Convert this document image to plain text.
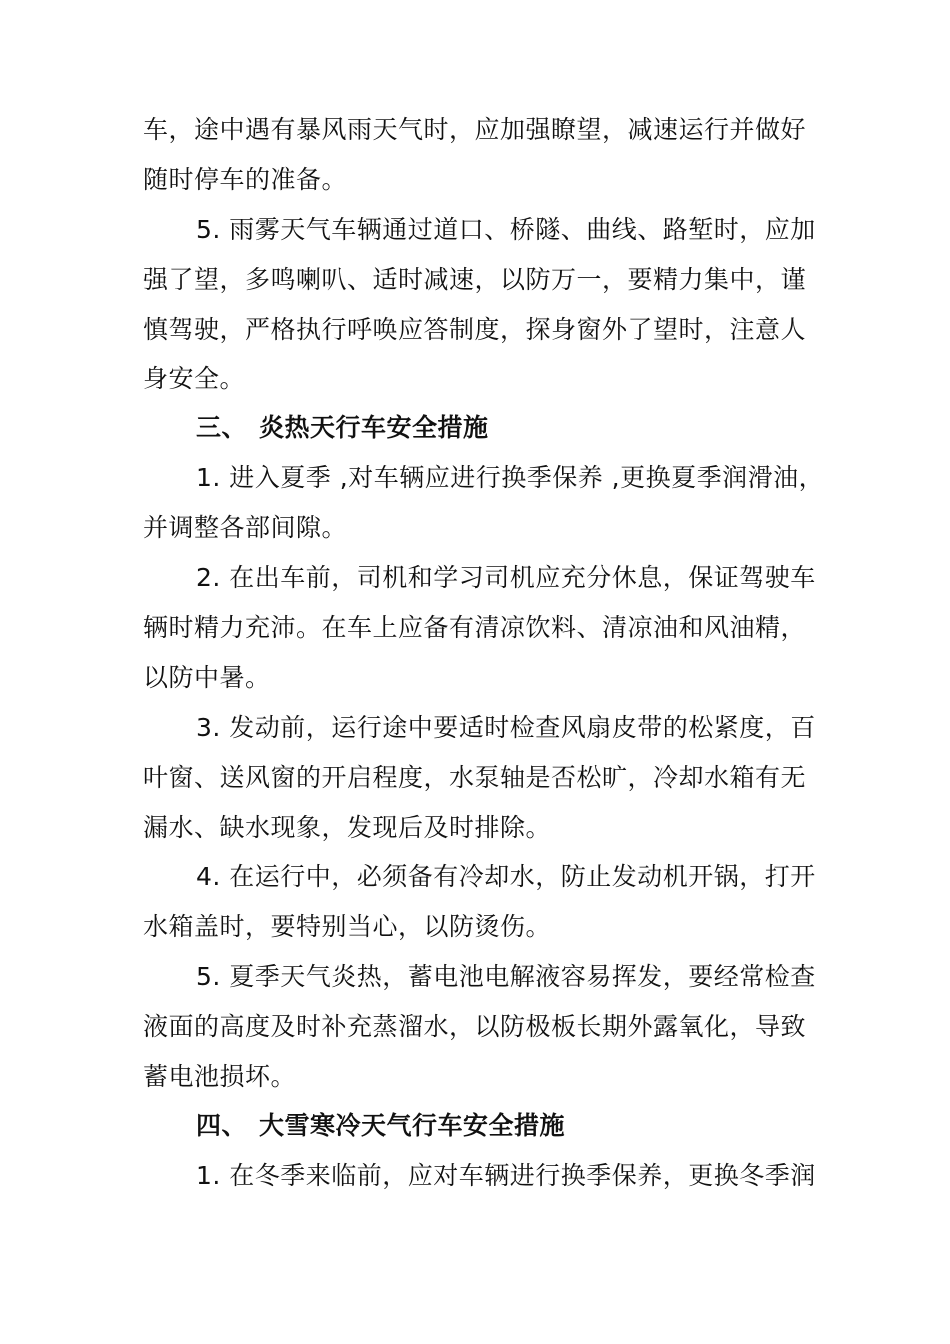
车，途中遇有暴风雨天气时，应加强瞭望，减速运行并做好
随时停车的准备。
5. 雨雾天气车辆通过道口、桥隧、曲线、路堑时，应加
强了望，多鸣喇叭、适时减速，以防万一，要精力集中，谨
慎驾驶，严格执行呼唤应答制度，探身窗外了望时，注意人
身安全。
三、 炎热天行车安全措施
1. 进入夏季 ,对车辆应进行换季保养 ,更换夏季润滑油，
并调整各部间隙。
2. 在出车前，司机和学习司机应充分休息，保证驾驶车
辆时精力充沛。在车上应备有清凉饮料、清凉油和风油精，
以防中暑。
3. 发动前，运行途中要适时检查风扇皮带的松紧度，百
叶窗、送风窗的开启程度，水泵轴是否松旷，冷却水箱有无
漏水、缺水现象，发现后及时排除。
4. 在运行中，必须备有冷却水，防止发动机开锅，打开
水箱盖时，要特别当心，以防烫伤。
5. 夏季天气炎热，蓄电池电解液容易挥发，要经常检查
液面的高度及时补充蒸溜水，以防极板长期外露氧化，导致
蓄电池损坏。
四、 大雪寒冷天气行车安全措施
1. 在冬季来临前，应对车辆进行换季保养，更换冬季润
